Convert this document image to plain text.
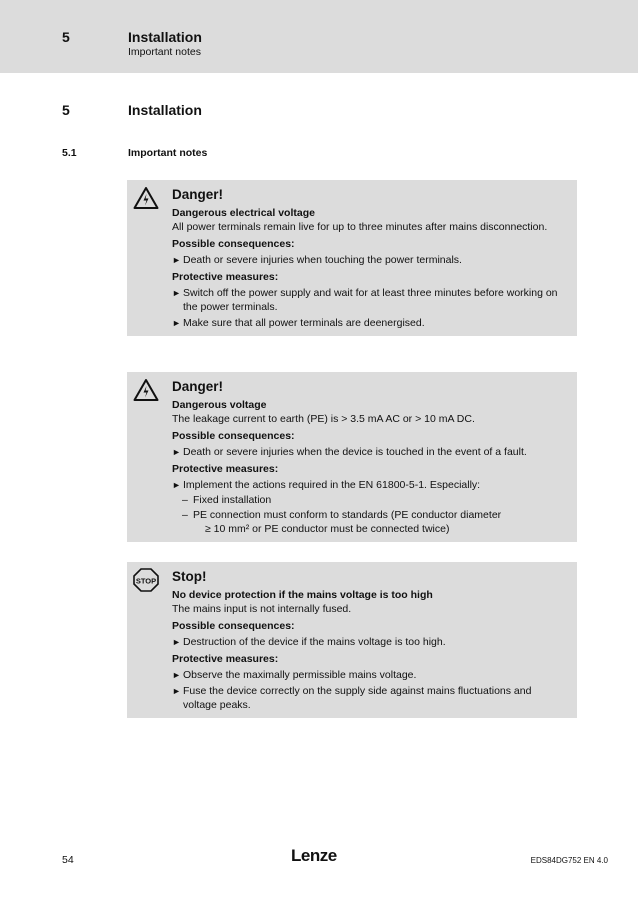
5	Installation
Important notes
5	Installation
5.1	Important notes

Danger!

Dangerous electrical voltage

All power terminals remain live for up to three minutes after mains disconnection.

Possible consequences:

► Death or severe injuries when touching the power terminals.

Protective measures:

► Switch off the power supply and wait for at least three minutes before working on the power terminals.

► Make sure that all power terminals are deenergised.

Danger!

Dangerous voltage

The leakage current to earth (PE) is > 3.5 mA AC or > 10 mA DC.

Possible consequences:

► Death or severe injuries when the device is touched in the event of a fault.

Protective measures:

► Implement the actions required in the EN 61800-5-1. Especially:

– Fixed installation

– PE connection must conform to standards (PE conductor diameter

≥ 10 mm² or PE conductor must be connected twice)

STOP Stop!

No device protection if the mains voltage is too high

The mains input is not internally fused.

Possible consequences:

► Destruction of the device if the mains voltage is too high.

Protective measures:

► Observe the maximally permissible mains voltage.

► Fuse the device correctly on the supply side against mains fluctuations and voltage peaks.

54	Lenze	EDS84DG752 EN 4.0
